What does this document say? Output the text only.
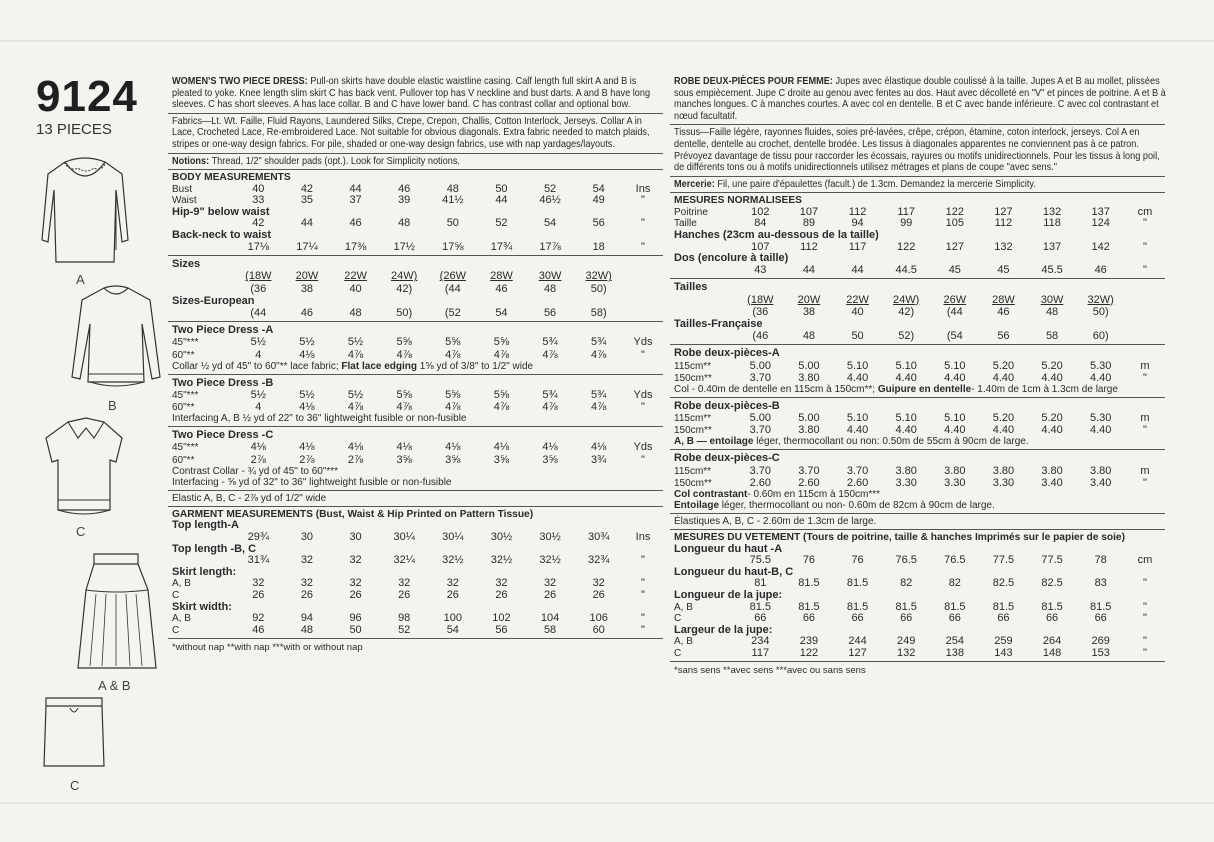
9124
13 PIECES
A
B
C
A & B
C

WOMEN'S TWO PIECE DRESS: Pull-on skirts have double elastic waistline casing. Calf length full skirt A and B is pleated to yoke. Knee length slim skirt C has back vent. Pullover top has V neckline and bust darts. A and B have long sleeves. C has short sleeves. A has lace collar. B and C have lower band. C has contrast collar and optional bow.

Fabrics—Lt. Wt. Faille, Fluid Rayons, Laundered Silks, Crepe, Crepon, Challis, Cotton Interlock, Jerseys. Collar A in Lace, Crocheted Lace, Re-embroidered Lace. Not suitable for obvious diagonals. Extra fabric needed to match plaids, stripes or one-way design fabrics. For pile, shaded or one-way design fabrics, use with nap yardages/layouts.

Notions: Thread, 1/2" shoulder pads (opt.). Look for Simplicity notions.

BODY MEASUREMENTS
Bust	40	42	44	46	48	50	52	54	Ins
Waist	33	35	37	39	41½	44	46½	49	"
Hip-9" below waist
42	44	46	48	50	52	54	56	"
Back-neck to waist
17⅛	17¼	17⅜	17½	17⅝	17¾	17⅞	18	"
Sizes
(18W	20W	22W	24W)	(26W	28W	30W	32W)
(36	38	40	42)	(44	46	48	50)
Sizes-European
(44	46	48	50)	(52	54	56	58)
Two Piece Dress -A
45"***	5½	5½	5½	5⅝	5⅝	5⅝	5¾	5¾	Yds
60"**	4	4⅛	4⅞	4⅞	4⅞	4⅞	4⅞	4⅞	"
Collar ½ yd of 45" to 60"** lace fabric; Flat lace edging 1⅝ yd of 3/8" to 1/2" wide
Two Piece Dress -B
45"***	5½	5½	5½	5⅝	5⅝	5⅝	5¾	5¾	Yds
60"**	4	4⅛	4⅞	4⅞	4⅞	4⅞	4⅞	4⅞	"
Interfacing A, B ½ yd of 22" to 36" lightweight fusible or non-fusible
Two Piece Dress -C
45"***	4⅛	4⅛	4⅛	4⅛	4⅛	4⅛	4⅛	4⅛	Yds
60"**	2⅞	2⅞	2⅞	3⅝	3⅝	3⅝	3⅝	3¾	"
Contrast Collar - ¾ yd of 45" to 60"***
Interfacing - ⅝ yd of 32" to 36" lightweight fusible or non-fusible
Elastic A, B, C - 2⅞ yd of 1/2" wide
GARMENT MEASUREMENTS (Bust, Waist & Hip Printed on Pattern Tissue)
Top length-A
29¾	30	30	30¼	30¼	30½	30½	30¾	Ins
Top length -B, C
31¾	32	32	32¼	32½	32½	32½	32¾	"
Skirt length:
A, B	32	32	32	32	32	32	32	32	"
C	26	26	26	26	26	26	26	26	"
Skirt width:
A, B	92	94	96	98	100	102	104	106	"
C	46	48	50	52	54	56	58	60	"
*without nap **with nap ***with or without nap

ROBE DEUX-PIÈCES POUR FEMME: Jupes avec élastique double coulissé à la taille. Jupes A et B au mollet, plissées sous empiècement. Jupe C droite au genou avec fentes au dos. Haut avec décolleté en "V" et pinces de poitrine. A et B à manches longues. C à manches courtes. A avec col en dentelle. B et C avec bande inférieure. C avec col contrastant et nœud facultatif.

Tissus—Faille légère, rayonnes fluides, soies pré-lavées, crêpe, crépon, étamine, coton interlock, jerseys. Col A en dentelle, dentelle au crochet, dentelle brodée. Les tissus à diagonales apparentes ne conviennent pas à ce patron. Prévoyez davantage de tissu pour raccorder les écossais, rayures ou motifs unidirectionnels. Pour les tissus à long poil, de différents tons ou à motifs unidirectionnels utilisez métrages et plans de coupe "avec sens."

Mercerie: Fil, une paire d'épaulettes (facult.) de 1.3cm. Demandez la mercerie Simplicity.

MESURES NORMALISEES
Poitrine	102	107	112	117	122	127	132	137	cm
Taille	84	89	94	99	105	112	118	124	"
Hanches (23cm au-dessous de la taille)
107	112	117	122	127	132	137	142	"
Dos (encolure à taille)
43	44	44	44.5	45	45	45.5	46	"
Tailles
(18W	20W	22W	24W)	26W	28W	30W	32W)
(36	38	40	42)	(44	46	48	50)
Tailles-Française
(46	48	50	52)	(54	56	58	60)
Robe deux-pièces-A
115cm**	5.00	5.00	5.10	5.10	5.10	5.20	5.20	5.30	m
150cm**	3.70	3.80	4.40	4.40	4.40	4.40	4.40	4.40	"
Col - 0.40m de dentelle en 115cm à 150cm**; Guipure en dentelle- 1.40m de 1cm à 1.3cm de large
Robe deux-pièces-B
115cm**	5.00	5.00	5.10	5.10	5.10	5.20	5.20	5.30	m
150cm**	3.70	3.80	4.40	4.40	4.40	4.40	4.40	4.40	"
A, B — entoilage léger, thermocollant ou non: 0.50m de 55cm à 90cm de large.
Robe deux-pièces-C
115cm**	3.70	3.70	3.70	3.80	3.80	3.80	3.80	3.80	m
150cm**	2.60	2.60	2.60	3.30	3.30	3.30	3.40	3.40	"
Col contrastant- 0.60m en 115cm à 150cm***
Entoilage léger, thermocollant ou non- 0.60m de 82cm à 90cm de large.
Élastiques A, B, C - 2.60m de 1.3cm de large.
MESURES DU VETEMENT (Tours de poitrine, taille & hanches Imprimés sur le papier de soie)
Longueur du haut -A
75.5	76	76	76.5	76.5	77.5	77.5	78	cm
Longueur du haut-B, C
81	81.5	81.5	82	82	82.5	82.5	83	"
Longueur de la jupe:
A, B	81.5	81.5	81.5	81.5	81.5	81.5	81.5	81.5	"
C	66	66	66	66	66	66	66	66	"
Largeur de la jupe:
A, B	234	239	244	249	254	259	264	269	"
C	117	122	127	132	138	143	148	153	"
*sans sens **avec sens ***avec ou sans sens
